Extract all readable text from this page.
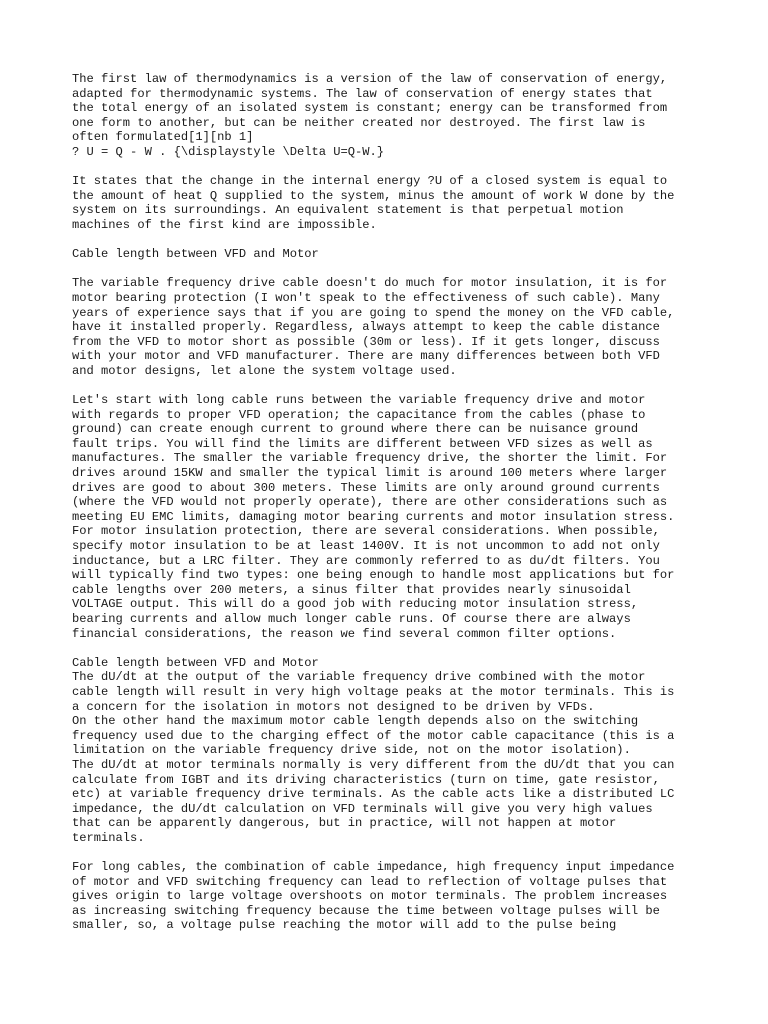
The first law of thermodynamics is a version of the law of conservation of energy,
adapted for thermodynamic systems. The law of conservation of energy states that
the total energy of an isolated system is constant; energy can be transformed from
one form to another, but can be neither created nor destroyed. The first law is
often formulated[1][nb 1]
? U = Q - W . {\displaystyle \Delta U=Q-W.}
It states that the change in the internal energy ?U of a closed system is equal to
the amount of heat Q supplied to the system, minus the amount of work W done by the
system on its surroundings. An equivalent statement is that perpetual motion
machines of the first kind are impossible.
Cable length between VFD and Motor
The variable frequency drive cable doesn't do much for motor insulation, it is for
motor bearing protection (I won't speak to the effectiveness of such cable). Many
years of experience says that if you are going to spend the money on the VFD cable,
have it installed properly. Regardless, always attempt to keep the cable distance
from the VFD to motor short as possible (30m or less). If it gets longer, discuss
with your motor and VFD manufacturer. There are many differences between both VFD
and motor designs, let alone the system voltage used.
Let's start with long cable runs between the variable frequency drive and motor
with regards to proper VFD operation; the capacitance from the cables (phase to
ground) can create enough current to ground where there can be nuisance ground
fault trips. You will find the limits are different between VFD sizes as well as
manufactures. The smaller the variable frequency drive, the shorter the limit. For
drives around 15KW and smaller the typical limit is around 100 meters where larger
drives are good to about 300 meters. These limits are only around ground currents
(where the VFD would not properly operate), there are other considerations such as
meeting EU EMC limits, damaging motor bearing currents and motor insulation stress.
For motor insulation protection, there are several considerations. When possible,
specify motor insulation to be at least 1400V. It is not uncommon to add not only
inductance, but a LRC filter. They are commonly referred to as du/dt filters. You
will typically find two types: one being enough to handle most applications but for
cable lengths over 200 meters, a sinus filter that provides nearly sinusoidal
VOLTAGE output. This will do a good job with reducing motor insulation stress,
bearing currents and allow much longer cable runs. Of course there are always
financial considerations, the reason we find several common filter options.
Cable length between VFD and Motor
The dU/dt at the output of the variable frequency drive combined with the motor
cable length will result in very high voltage peaks at the motor terminals. This is
a concern for the isolation in motors not designed to be driven by VFDs.
On the other hand the maximum motor cable length depends also on the switching
frequency used due to the charging effect of the motor cable capacitance (this is a
limitation on the variable frequency drive side, not on the motor isolation).
The dU/dt at motor terminals normally is very different from the dU/dt that you can
calculate from IGBT and its driving characteristics (turn on time, gate resistor,
etc) at variable frequency drive terminals. As the cable acts like a distributed LC
impedance, the dU/dt calculation on VFD terminals will give you very high values
that can be apparently dangerous, but in practice, will not happen at motor
terminals.
For long cables, the combination of cable impedance, high frequency input impedance
of motor and VFD switching frequency can lead to reflection of voltage pulses that
gives origin to large voltage overshoots on motor terminals. The problem increases
as increasing switching frequency because the time between voltage pulses will be
smaller, so, a voltage pulse reaching the motor will add to the pulse being
